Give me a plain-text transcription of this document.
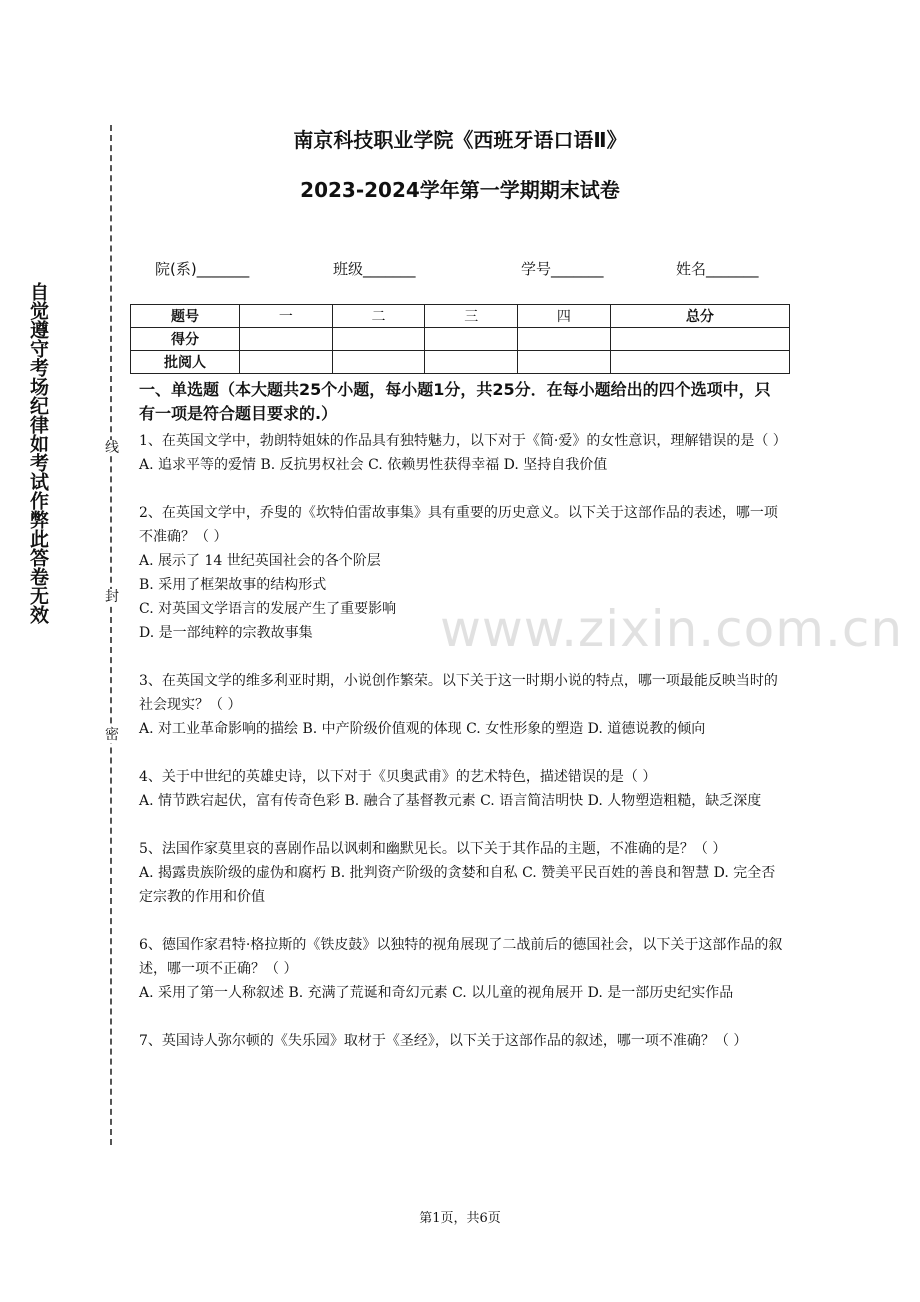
自觉遵守考场纪律如考试作弊此答卷无效	线
封
密
南京科技职业学院《西班牙语口语Ⅱ》
2023-2024学年第一学期期末试卷
院(系)_______	班级_______	学号_______	姓名_______
题号	一	二	三	四	总分
得分					
批阅人					
www.zixin.com.cn
一、单选题（本大题共25个小题，每小题1分，共25分．在每小题给出的四个选项中，只有一项是符合题目要求的.）

1、在英国文学中，勃朗特姐妹的作品具有独特魅力，以下对于《简·爱》的女性意识，理解错误的是（ ）

A. 追求平等的爱情 B. 反抗男权社会 C. 依赖男性获得幸福 D. 坚持自我价值

2、在英国文学中，乔叟的《坎特伯雷故事集》具有重要的历史意义。以下关于这部作品的表述，哪一项不准确？（ ）

A. 展示了 14 世纪英国社会的各个阶层

B. 采用了框架故事的结构形式

C. 对英国文学语言的发展产生了重要影响

D. 是一部纯粹的宗教故事集

3、在英国文学的维多利亚时期，小说创作繁荣。以下关于这一时期小说的特点，哪一项最能反映当时的社会现实？（ ）

A. 对工业革命影响的描绘 B. 中产阶级价值观的体现 C. 女性形象的塑造 D. 道德说教的倾向

4、关于中世纪的英雄史诗，以下对于《贝奥武甫》的艺术特色，描述错误的是（ ）

A. 情节跌宕起伏，富有传奇色彩 B. 融合了基督教元素 C. 语言简洁明快 D. 人物塑造粗糙，缺乏深度

5、法国作家莫里哀的喜剧作品以讽刺和幽默见长。以下关于其作品的主题，不准确的是？（ ）

A. 揭露贵族阶级的虚伪和腐朽 B. 批判资产阶级的贪婪和自私 C. 赞美平民百姓的善良和智慧 D. 完全否定宗教的作用和价值

6、德国作家君特·格拉斯的《铁皮鼓》以独特的视角展现了二战前后的德国社会，以下关于这部作品的叙述，哪一项不正确？（ ）

A. 采用了第一人称叙述 B. 充满了荒诞和奇幻元素 C. 以儿童的视角展开 D. 是一部历史纪实作品

7、英国诗人弥尔顿的《失乐园》取材于《圣经》，以下关于这部作品的叙述，哪一项不准确？（ ）

第1页，共6页
